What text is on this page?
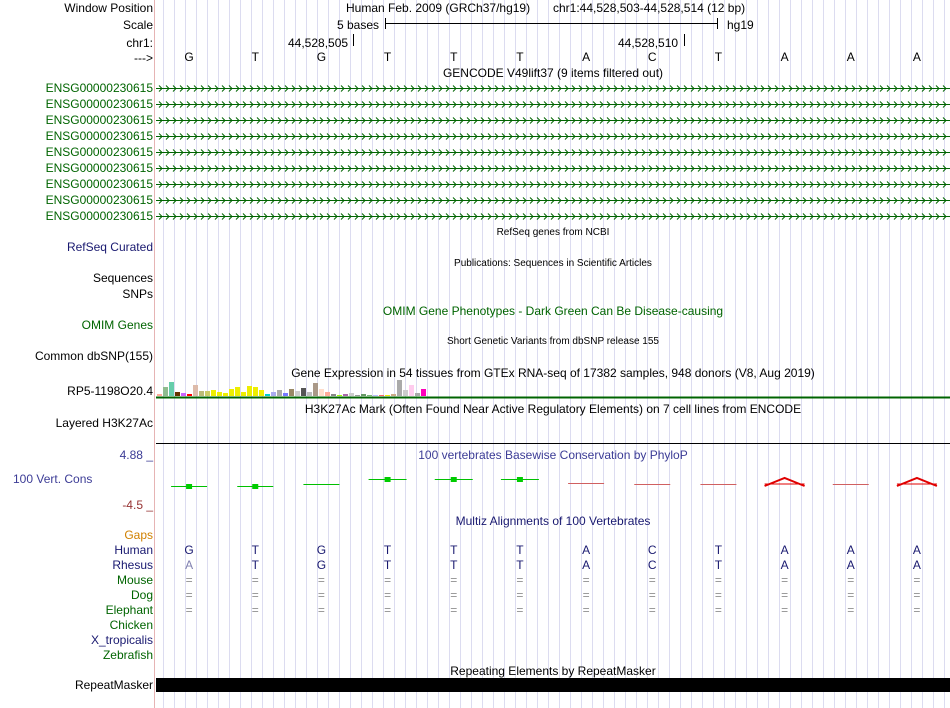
Window Position
Scale
chr1:
--->
Human Feb. 2009 (GRCh37/hg19) chr1:44,528,503-44,528,514 (12 bp)
5 bases	hg19
44,528,505	44,528,510
G	T	G	T	T	T	A	C	T	A	A	A
GENCODE V49lift37 (9 items filtered out)
ENSG00000230615
ENSG00000230615
ENSG00000230615
ENSG00000230615
ENSG00000230615
ENSG00000230615
ENSG00000230615
ENSG00000230615
ENSG00000230615
RefSeq genes from NCBI
RefSeq Curated
Publications: Sequences in Scientific Articles
Sequences
SNPs
OMIM Gene Phenotypes - Dark Green Can Be Disease-causing
OMIM Genes
Short Genetic Variants from dbSNP release 155
Common dbSNP(155)
Gene Expression in 54 tissues from GTEx RNA-seq of 17382 samples, 948 donors (V8, Aug 2019)
RP5-1198O20.4
H3K27Ac Mark (Often Found Near Active Regulatory Elements) on 7 cell lines from ENCODE
Layered H3K27Ac
100 vertebrates Basewise Conservation by PhyloP
4.88 _
100 Vert. Cons
-4.5 _
Multiz Alignments of 100 Vertebrates
Gaps
Human	G	T	G	T	T	T	A	C	T	A	A	A
Rhesus	A	T	G	T	T	T	A	C	T	A	A	A
Mouse	=	=	=	=	=	=	=	=	=	=	=	=
Dog	=	=	=	=	=	=	=	=	=	=	=	=
Elephant	=	=	=	=	=	=	=	=	=	=	=	=
Chicken
X_tropicalis
Zebrafish
Repeating Elements by RepeatMasker
RepeatMasker
